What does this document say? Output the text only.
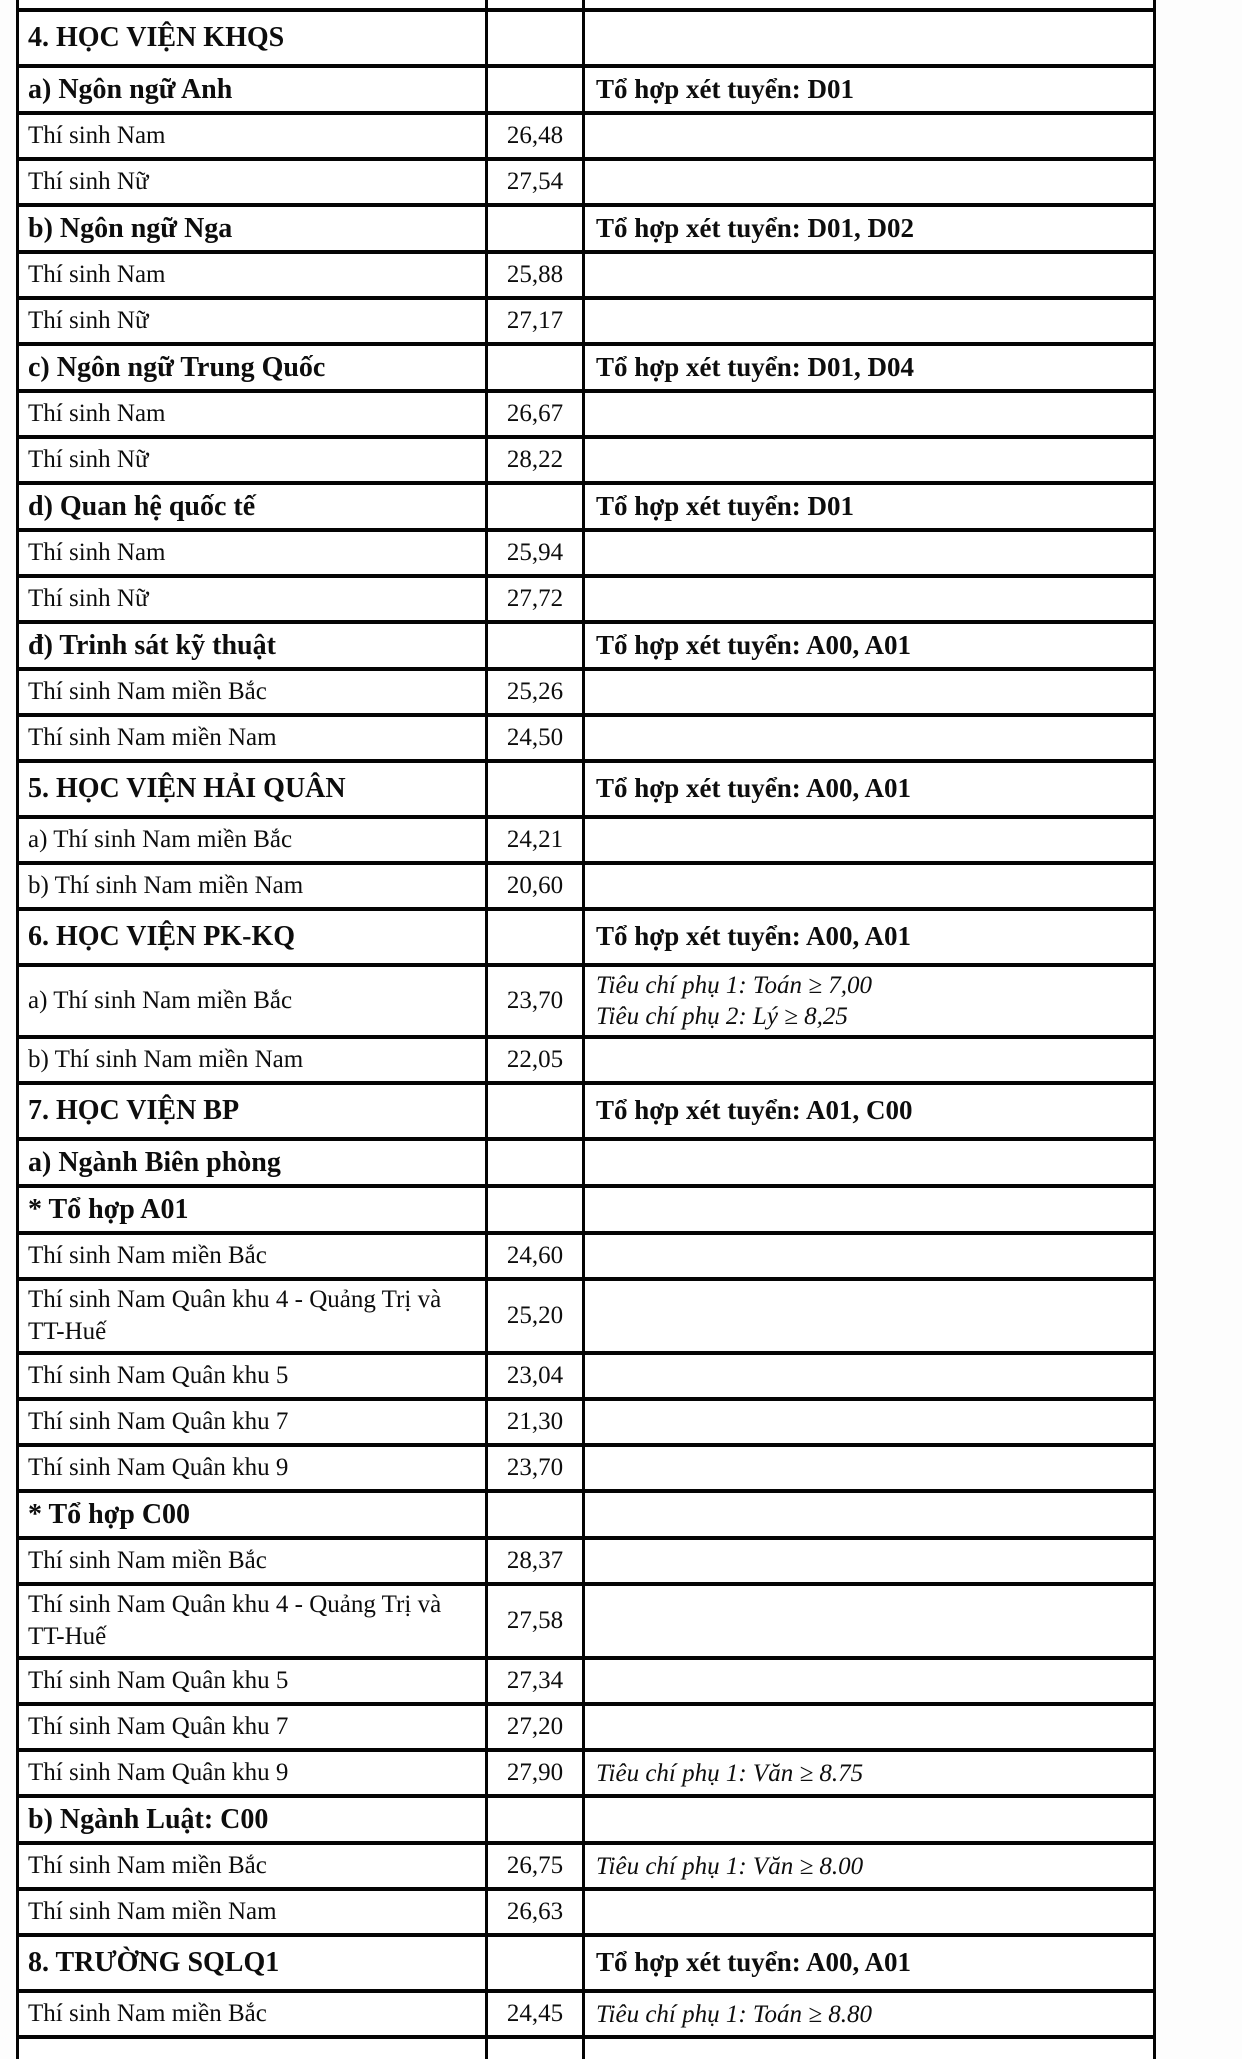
4. HỌC VIỆN KHQS		
a) Ngôn ngữ Anh		Tổ hợp xét tuyển: D01

Thí sinh Nam	26,48	
Thí sinh Nữ	27,54	
b) Ngôn ngữ Nga		Tổ hợp xét tuyển: D01, D02

Thí sinh Nam	25,88	
Thí sinh Nữ	27,17	
c) Ngôn ngữ Trung Quốc		Tổ hợp xét tuyển: D01, D04

Thí sinh Nam	26,67	
Thí sinh Nữ	28,22	
d) Quan hệ quốc tế		Tổ hợp xét tuyển: D01

Thí sinh Nam	25,94	
Thí sinh Nữ	27,72	
đ) Trinh sát kỹ thuật		Tổ hợp xét tuyển: A00, A01

Thí sinh Nam miền Bắc	25,26	
Thí sinh Nam miền Nam	24,50	
5. HỌC VIỆN HẢI QUÂN		Tổ hợp xét tuyển: A00, A01

a) Thí sinh Nam miền Bắc	24,21	
b) Thí sinh Nam miền Nam	20,60	
6. HỌC VIỆN PK-KQ		Tổ hợp xét tuyển: A00, A01

a) Thí sinh Nam miền Bắc	23,70	Tiêu chí phụ 1: Toán ≥ 7,00
Tiêu chí phụ 2: Lý ≥ 8,25

b) Thí sinh Nam miền Nam	22,05	
7. HỌC VIỆN BP		Tổ hợp xét tuyển: A01, C00

a) Ngành Biên phòng		
* Tổ hợp A01		
Thí sinh Nam miền Bắc	24,60	
Thí sinh Nam Quân khu 4 - Quảng Trị và TT-Huế	25,20	
Thí sinh Nam Quân khu 5	23,04	
Thí sinh Nam Quân khu 7	21,30	
Thí sinh Nam Quân khu 9	23,70	
* Tổ hợp C00		
Thí sinh Nam miền Bắc	28,37	
Thí sinh Nam Quân khu 4 - Quảng Trị và TT-Huế	27,58	
Thí sinh Nam Quân khu 5	27,34	
Thí sinh Nam Quân khu 7	27,20	
Thí sinh Nam Quân khu 9	27,90	Tiêu chí phụ 1: Văn ≥ 8.75

b) Ngành Luật: C00		
Thí sinh Nam miền Bắc	26,75	Tiêu chí phụ 1: Văn ≥ 8.00

Thí sinh Nam miền Nam	26,63	
8. TRƯỜNG SQLQ1		Tổ hợp xét tuyển: A00, A01

Thí sinh Nam miền Bắc	24,45	Tiêu chí phụ 1: Toán ≥ 8.80
